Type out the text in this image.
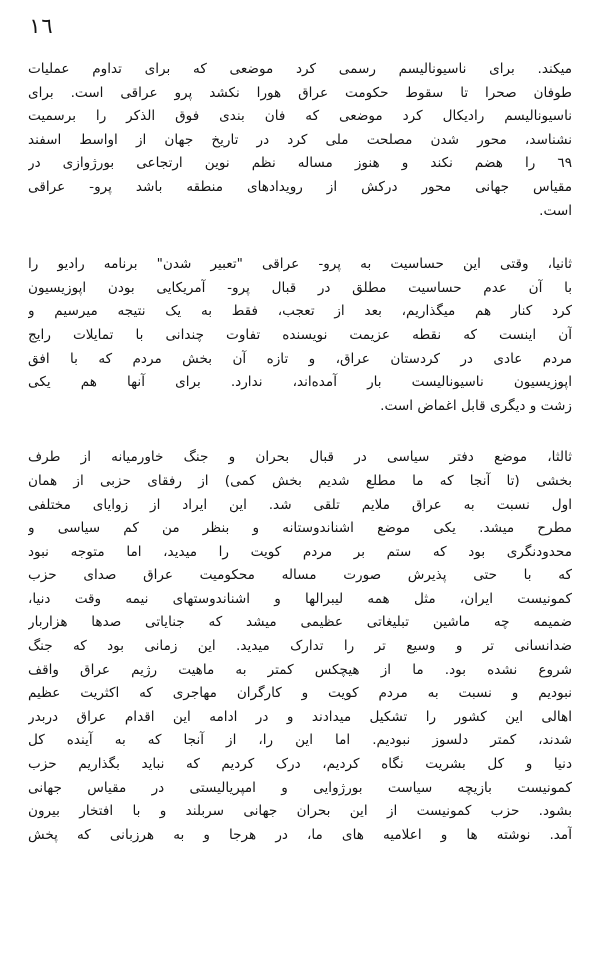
١٦
میکند. برای ناسیونالیسم رسمی کرد موضعی که برای تداوم عملیات
طوفان صحرا تا سقوط حکومت عراق هورا نکشد پرو عراقی است. برای
ناسیونالیسم رادیکال کرد موضعی که فان بندی فوق الذکر را برسمیت
نشناسد، محور شدن مصلحت ملی کرد در تاریخ جهان از اواسط اسفند
٦٩ را هضم نکند و هنوز مساله نظم نوین ارتجاعی بورژوازی در
مقیاس جهانی محور درکش از رویدادهای منطقه باشد پرو- عراقی
است.
ثانیا، وقتی این حساسیت به پرو- عراقی "تعبیر شدن" برنامه رادیو را
با آن عدم حساسیت مطلق در قبال پرو- آمریکایی بودن اپوزیسیون
کرد کنار هم میگذاریم، بعد از تعجب، فقط به یک نتیجه میرسیم و
آن اینست که نقطه عزیمت نویسنده تفاوت چندانی با تمایلات رایج
مردم عادی در کردستان عراق، و تازه آن بخش مردم که با افق
اپوزیسیون ناسیونالیست بار آمده‌اند، ندارد. برای آنها هم یکی
زشت و دیگری قابل اغماض است.
ثالثا، موضع دفتر سیاسی در قبال بحران و جنگ خاورمیانه از طرف
بخشی (تا آنجا که ما مطلع شدیم بخش کمی) از رفقای حزبی از همان
اول نسبت به عراق ملایم تلقی شد. این ایراد از زوایای مختلفی
مطرح میشد. یکی موضع اشناندوستانه و بنظر من کم سیاسی و
محدودنگری بود که ستم بر مردم کویت را میدید، اما متوجه نبود
که با حتی پذیرش صورت مساله محکومیت عراق صدای حزب
کمونیست ایران، مثل همه لیبرالها و اشناندوستهای نیمه وقت دنیا،
ضمیمه چه ماشین تبلیغاتی عظیمی میشد که جنایاتی صدها هزاربار
ضدانسانی تر و وسیع تر را تدارک میدید. این زمانی بود که جنگ
شروع نشده بود. ما از هیچکس کمتر به ماهیت رژیم عراق واقف
نبودیم و نسبت به مردم کویت و کارگران مهاجری که اکثریت عظیم
اهالی این کشور را تشکیل میدادند و در ادامه این اقدام عراق دربدر
شدند، کمتر دلسوز نبودیم. اما این را، از آنجا که به آینده کل
دنیا و کل بشریت نگاه کردیم، درک کردیم که نباید بگذاریم حزب
کمونیست بازیچه سیاست بورژوایی و امپریالیستی در مقیاس جهانی
بشود. حزب کمونیست از این بحران جهانی سربلند و با افتخار بیرون
آمد. نوشته ها و اعلامیه های ما، در هرجا و به هرزبانی که پخش
